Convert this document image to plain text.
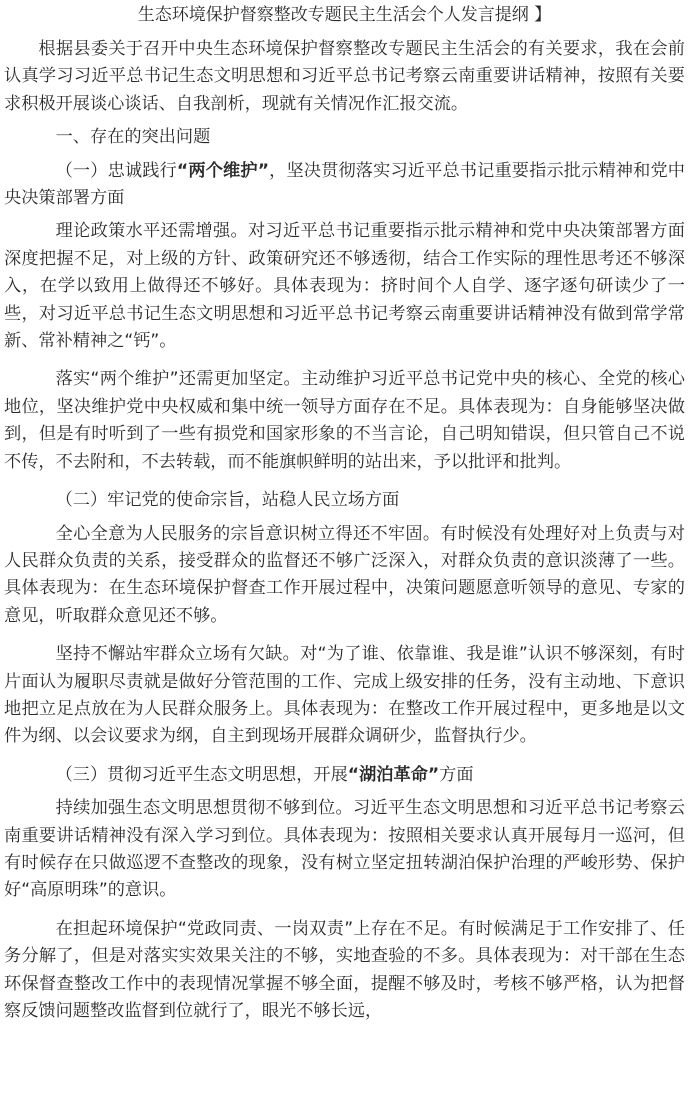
生态环境保护督察整改专题民主生活会个人发言提纲 】

根据县委关于召开中央生态环境保护督察整改专题民主生活会的有关要求，我在会前认真学习习近平总书记生态文明思想和习近平总书记考察云南重要讲话精神，按照有关要求积极开展谈心谈话、自我剖析，现就有关情况作汇报交流。

一、存在的突出问题

（一）忠诚践行“两个维护”，坚决贯彻落实习近平总书记重要指示批示精神和党中央决策部署方面

理论政策水平还需增强。对习近平总书记重要指示批示精神和党中央决策部署方面深度把握不足，对上级的方针、政策研究还不够透彻，结合工作实际的理性思考还不够深入，在学以致用上做得还不够好。具体表现为：挤时间个人自学、逐字逐句研读少了一些，对习近平总书记生态文明思想和习近平总书记考察云南重要讲话精神没有做到常学常新、常补精神之“钙”。

落实“两个维护”还需更加坚定。主动维护习近平总书记党中央的核心、全党的核心地位，坚决维护党中央权威和集中统一领导方面存在不足。具体表现为：自身能够坚决做到，但是有时听到了一些有损党和国家形象的不当言论，自己明知错误，但只管自己不说不传，不去附和，不去转载，而不能旗帜鲜明的站出来，予以批评和批判。

（二）牢记党的使命宗旨，站稳人民立场方面

全心全意为人民服务的宗旨意识树立得还不牢固。有时候没有处理好对上负责与对人民群众负责的关系，接受群众的监督还不够广泛深入，对群众负责的意识淡薄了一些。具体表现为：在生态环境保护督查工作开展过程中，决策问题愿意听领导的意见、专家的意见，听取群众意见还不够。

坚持不懈站牢群众立场有欠缺。对“为了谁、依靠谁、我是谁”认识不够深刻，有时片面认为履职尽责就是做好分管范围的工作、完成上级安排的任务，没有主动地、下意识地把立足点放在为人民群众服务上。具体表现为：在整改工作开展过程中，更多地是以文件为纲、以会议要求为纲，自主到现场开展群众调研少，监督执行少。

（三）贯彻习近平生态文明思想，开展“湖泊革命”方面

持续加强生态文明思想贯彻不够到位。习近平生态文明思想和习近平总书记考察云南重要讲话精神没有深入学习到位。具体表现为：按照相关要求认真开展每月一巡河，但有时候存在只做巡逻不查整改的现象，没有树立坚定扭转湖泊保护治理的严峻形势、保护好“高原明珠”的意识。

在担起环境保护“党政同责、一岗双责”上存在不足。有时候满足于工作安排了、任务分解了，但是对落实实效果关注的不够，实地查验的不多。具体表现为：对干部在生态环保督查整改工作中的表现情况掌握不够全面，提醒不够及时，考核不够严格，认为把督察反馈问题整改监督到位就行了，眼光不够长远，
